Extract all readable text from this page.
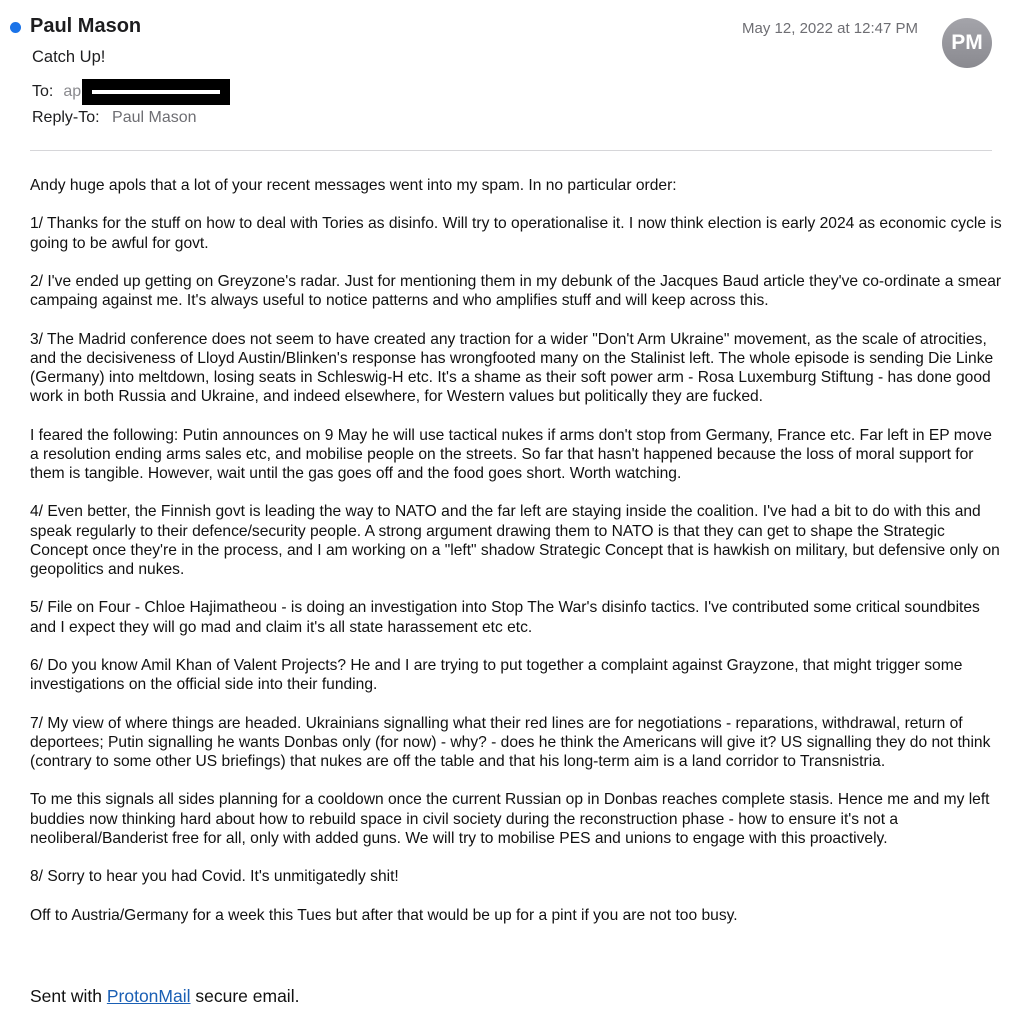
Paul Mason	May 12, 2022 at 12:47 PM
PM
Catch Up!
To: ap
Reply-To: Paul Mason

Andy huge apols that a lot of your recent messages went into my spam. In no particular order:

1/ Thanks for the stuff on how to deal with Tories as disinfo. Will try to operationalise it. I now think election is early 2024 as economic cycle is going to be awful for govt.

2/ I've ended up getting on Greyzone's radar. Just for mentioning them in my debunk of the Jacques Baud article they've co-ordinate a smear campaing against me. It's always useful to notice patterns and who amplifies stuff and will keep across this.

3/ The Madrid conference does not seem to have created any traction for a wider "Don't Arm Ukraine" movement, as the scale of atrocities, and the decisiveness of Lloyd Austin/Blinken's response has wrongfooted many on the Stalinist left. The whole episode is sending Die Linke (Germany) into meltdown, losing seats in Schleswig-H etc. It's a shame as their soft power arm - Rosa Luxemburg Stiftung - has done good work in both Russia and Ukraine, and indeed elsewhere, for Western values but politically they are fucked.

I feared the following: Putin announces on 9 May he will use tactical nukes if arms don't stop from Germany, France etc. Far left in EP move a resolution ending arms sales etc, and mobilise people on the streets. So far that hasn't happened because the loss of moral support for them is tangible. However, wait until the gas goes off and the food goes short. Worth watching.

4/ Even better, the Finnish govt is leading the way to NATO and the far left are staying inside the coalition. I've had a bit to do with this and speak regularly to their defence/security people. A strong argument drawing them to NATO is that they can get to shape the Strategic Concept once they're in the process, and I am working on a "left" shadow Strategic Concept that is hawkish on military, but defensive only on geopolitics and nukes.

5/ File on Four - Chloe Hajimatheou - is doing an investigation into Stop The War's disinfo tactics. I've contributed some critical soundbites and I expect they will go mad and claim it's all state harassement etc etc.

6/ Do you know Amil Khan of Valent Projects? He and I are trying to put together a complaint against Grayzone, that might trigger some investigations on the official side into their funding.

7/ My view of where things are headed. Ukrainians signalling what their red lines are for negotiations - reparations, withdrawal, return of deportees; Putin signalling he wants Donbas only (for now) - why? - does he think the Americans will give it? US signalling they do not think (contrary to some other US briefings) that nukes are off the table and that his long-term aim is a land corridor to Transnistria.

To me this signals all sides planning for a cooldown once the current Russian op in Donbas reaches complete stasis. Hence me and my left buddies now thinking hard about how to rebuild space in civil society during the reconstruction phase - how to ensure it's not a neoliberal/Banderist free for all, only with added guns. We will try to mobilise PES and unions to engage with this proactively.

8/ Sorry to hear you had Covid. It's unmitigatedly shit!

Off to Austria/Germany for a week this Tues but after that would be up for a pint if you are not too busy.

Sent with ProtonMail secure email.
